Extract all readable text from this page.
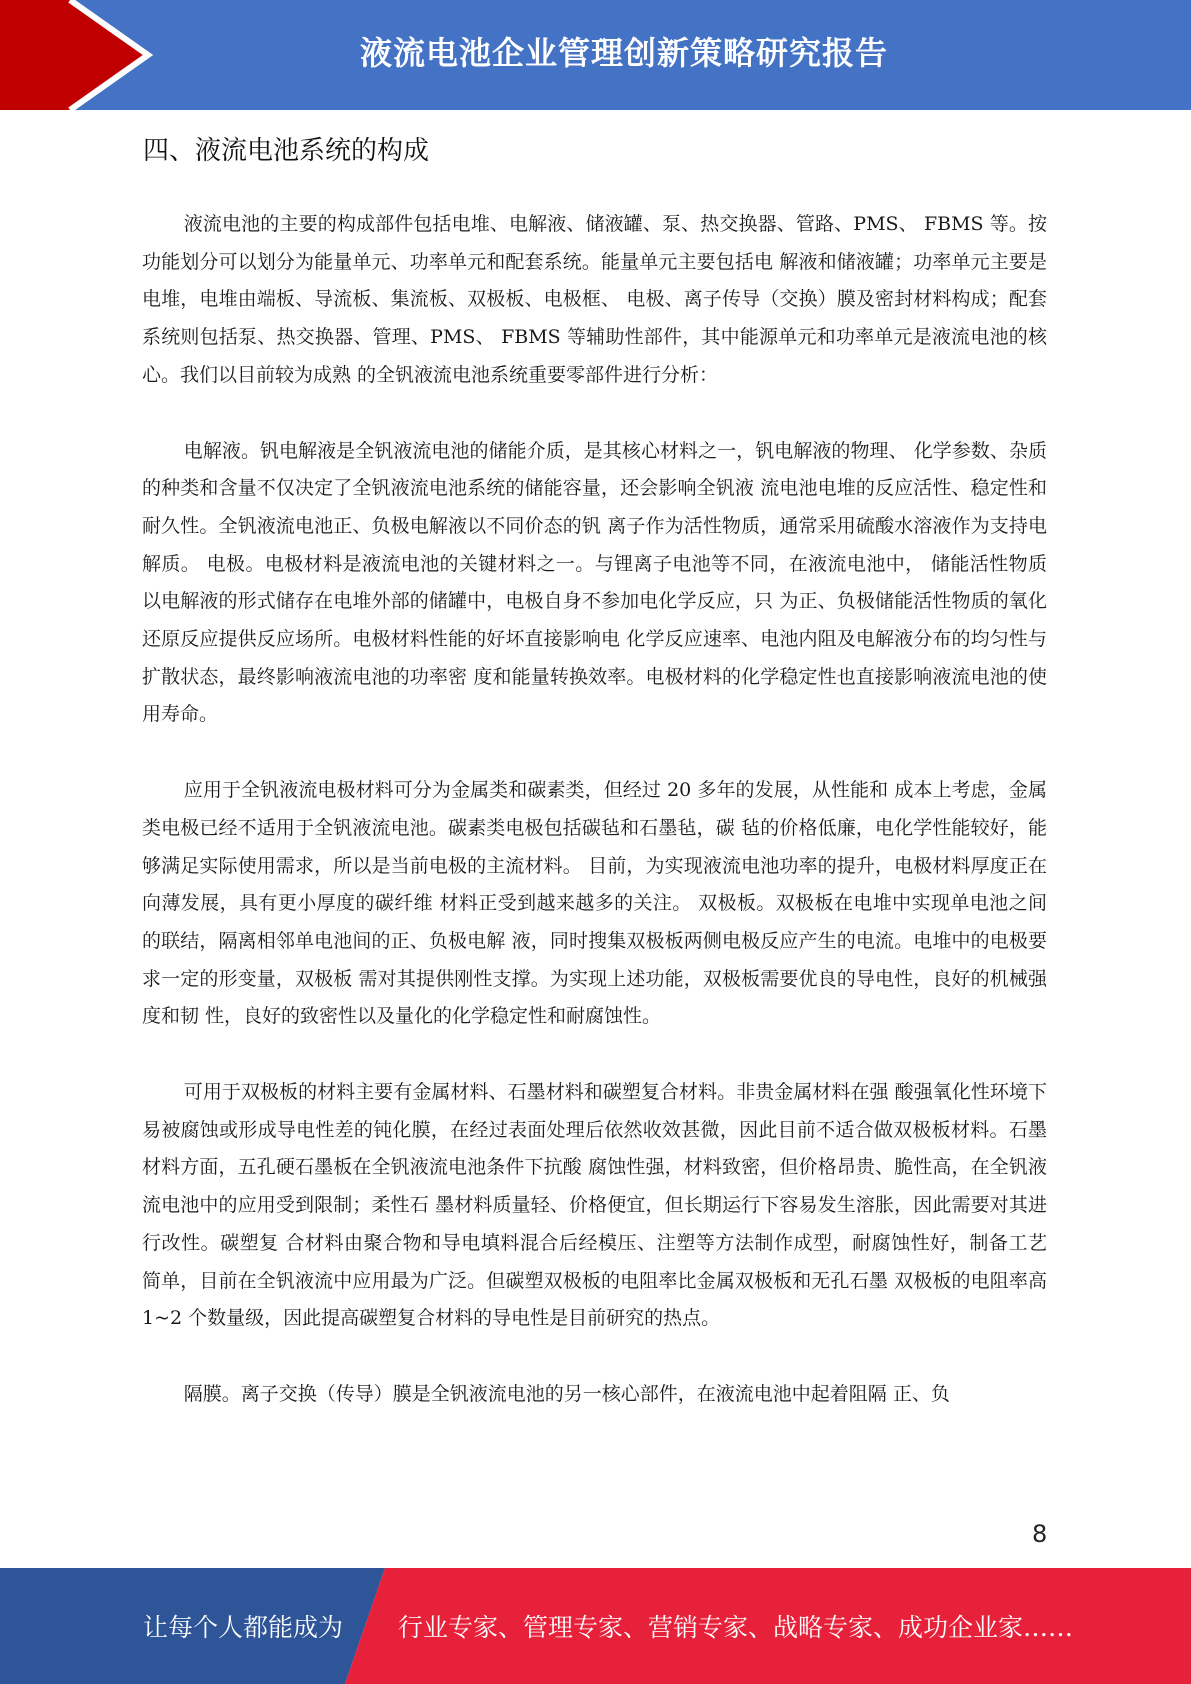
液流电池企业管理创新策略研究报告
四、液流电池系统的构成

液流电池的主要的构成部件包括电堆、电解液、储液罐、泵、热交换器、管路、PMS、 FBMS 等。按功能划分可以划分为能量单元、功率单元和配套系统。能量单元主要包括电 解液和储液罐；功率单元主要是电堆，电堆由端板、导流板、集流板、双极板、电极框、 电极、离子传导（交换）膜及密封材料构成；配套系统则包括泵、热交换器、管理、PMS、 FBMS 等辅助性部件，其中能源单元和功率单元是液流电池的核心。我们以目前较为成熟 的全钒液流电池系统重要零部件进行分析：

电解液。钒电解液是全钒液流电池的储能介质，是其核心材料之一，钒电解液的物理、 化学参数、杂质的种类和含量不仅决定了全钒液流电池系统的储能容量，还会影响全钒液 流电池电堆的反应活性、稳定性和耐久性。全钒液流电池正、负极电解液以不同价态的钒 离子作为活性物质，通常采用硫酸水溶液作为支持电解质。 电极。电极材料是液流电池的关键材料之一。与锂离子电池等不同，在液流电池中， 储能活性物质以电解液的形式储存在电堆外部的储罐中，电极自身不参加电化学反应，只 为正、负极储能活性物质的氧化还原反应提供反应场所。电极材料性能的好坏直接影响电 化学反应速率、电池内阻及电解液分布的均匀性与扩散状态，最终影响液流电池的功率密 度和能量转换效率。电极材料的化学稳定性也直接影响液流电池的使用寿命。

应用于全钒液流电极材料可分为金属类和碳素类，但经过 20 多年的发展，从性能和 成本上考虑，金属类电极已经不适用于全钒液流电池。碳素类电极包括碳毡和石墨毡，碳 毡的价格低廉，电化学性能较好，能够满足实际使用需求，所以是当前电极的主流材料。 目前，为实现液流电池功率的提升，电极材料厚度正在向薄发展，具有更小厚度的碳纤维 材料正受到越来越多的关注。 双极板。双极板在电堆中实现单电池之间的联结，隔离相邻单电池间的正、负极电解 液，同时搜集双极板两侧电极反应产生的电流。电堆中的电极要求一定的形变量，双极板 需对其提供刚性支撑。为实现上述功能，双极板需要优良的导电性，良好的机械强度和韧 性，良好的致密性以及量化的化学稳定性和耐腐蚀性。

可用于双极板的材料主要有金属材料、石墨材料和碳塑复合材料。非贵金属材料在强 酸强氧化性环境下易被腐蚀或形成导电性差的钝化膜，在经过表面处理后依然收效甚微，因此目前不适合做双极板材料。石墨材料方面，五孔硬石墨板在全钒液流电池条件下抗酸 腐蚀性强，材料致密，但价格昂贵、脆性高，在全钒液流电池中的应用受到限制；柔性石 墨材料质量轻、价格便宜，但长期运行下容易发生溶胀，因此需要对其进行改性。碳塑复 合材料由聚合物和导电填料混合后经模压、注塑等方法制作成型，耐腐蚀性好，制备工艺 简单，目前在全钒液流中应用最为广泛。但碳塑双极板的电阻率比金属双极板和无孔石墨 双极板的电阻率高 1~2 个数量级，因此提高碳塑复合材料的导电性是目前研究的热点。

隔膜。离子交换（传导）膜是全钒液流电池的另一核心部件，在液流电池中起着阻隔 正、负

8
让每个人都能成为 行业专家、管理专家、营销专家、战略专家、成功企业家……
